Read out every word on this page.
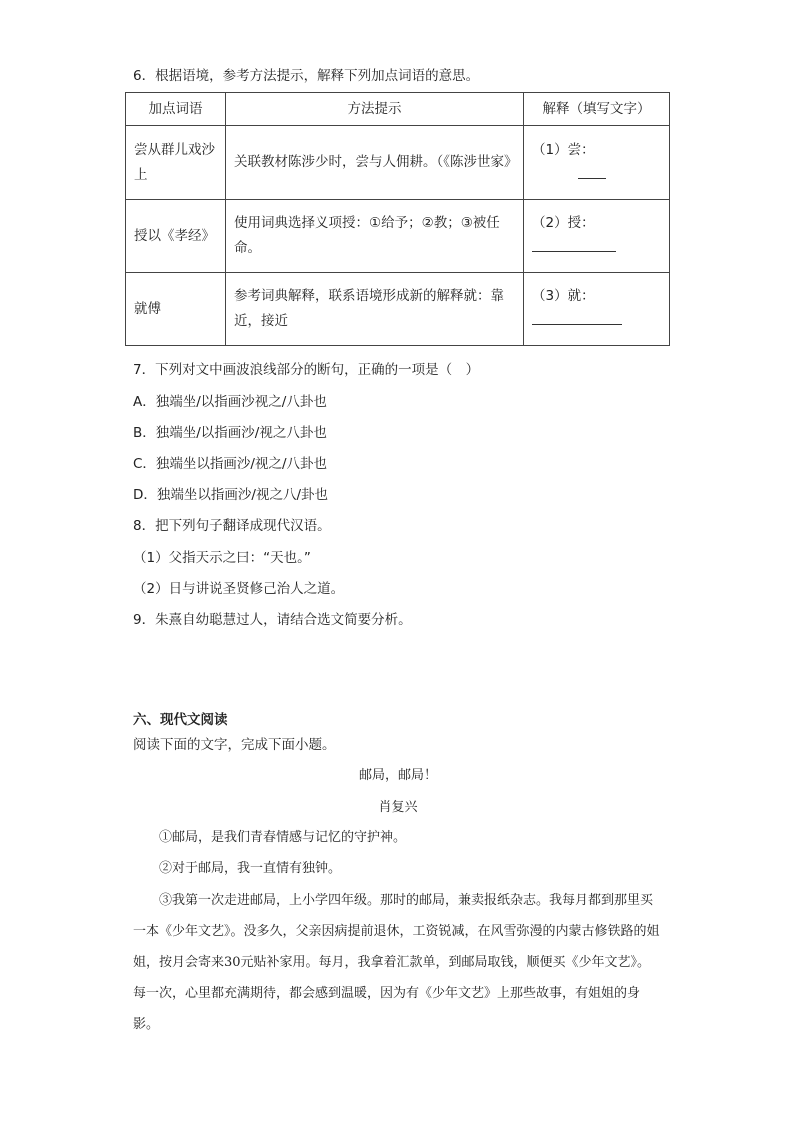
6．根据语境，参考方法提示，解释下列加点词语的意思。
加点词语	方法提示	解释（填写文字）
尝从群儿戏沙上	关联教材陈涉少时，尝与人佣耕。（《陈涉世家》	（1）尝：
授以《孝经》	使用词典选择义项授：①给予；②教；③被任命。	（2）授：

就傅	参考词典解释，联系语境形成新的解释就：靠近，接近	（3）就：
7．下列对文中画波浪线部分的断句，正确的一项是（　）
A．独端坐/以指画沙视之/八卦也
B．独端坐/以指画沙/视之八卦也
C．独端坐以指画沙/视之/八卦也
D．独端坐以指画沙/视之八/卦也
8．把下列句子翻译成现代汉语。
（1）父指天示之曰：“天也。”
（2）日与讲说圣贤修己治人之道。
9．朱熹自幼聪慧过人，请结合选文简要分析。
六、现代文阅读
阅读下面的文字，完成下面小题。
邮局，邮局！
肖复兴
①邮局，是我们青春情感与记忆的守护神。
②对于邮局，我一直情有独钟。
③我第一次走进邮局，上小学四年级。那时的邮局，兼卖报纸杂志。我每月都到那里买一本《少年文艺》。没多久，父亲因病提前退休，工资锐减，在风雪弥漫的内蒙古修铁路的姐姐，按月会寄来30元贴补家用。每月，我拿着汇款单，到邮局取钱，顺便买《少年文艺》。每一次，心里都充满期待，都会感到温暖，因为有《少年文艺》上那些故事，有姐姐的身影。
